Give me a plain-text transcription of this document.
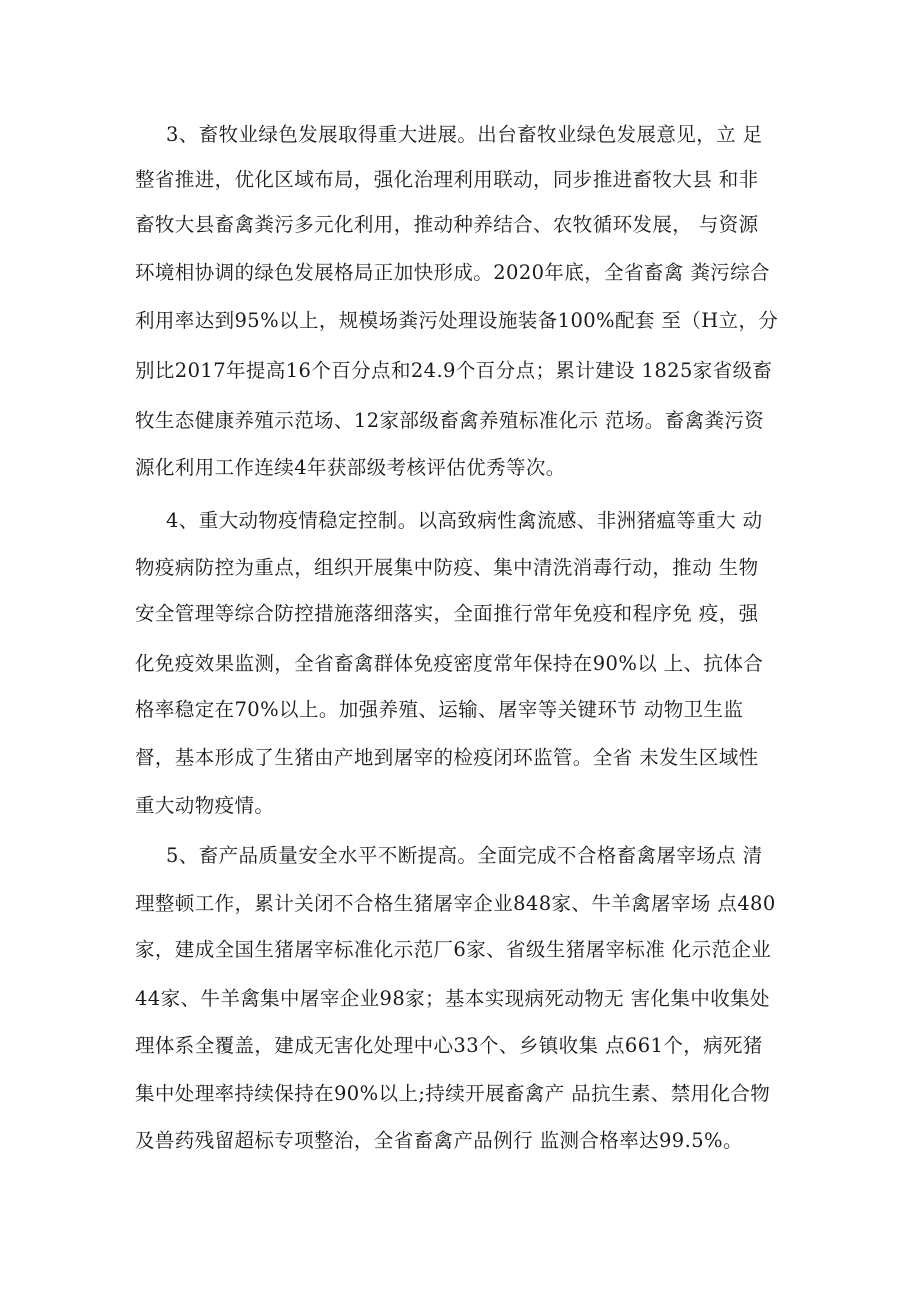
3、畜牧业绿色发展取得重大进展。出台畜牧业绿色发展意见，立 足
整省推进，优化区域布局，强化治理利用联动，同步推进畜牧大县 和非
畜牧大县畜禽粪污多元化利用，推动种养结合、农牧循环发展， 与资源
环境相协调的绿色发展格局正加快形成。2020年底，全省畜禽 粪污综合
利用率达到95%以上，规模场粪污处理设施装备100%配套 至（H立，分
别比2017年提高16个百分点和24.9个百分点；累计建设 1825家省级畜
牧生态健康养殖示范场、12家部级畜禽养殖标准化示 范场。畜禽粪污资
源化利用工作连续4年获部级考核评估优秀等次。
4、重大动物疫情稳定控制。以高致病性禽流感、非洲猪瘟等重大 动
物疫病防控为重点，组织开展集中防疫、集中清洗消毒行动，推动 生物
安全管理等综合防控措施落细落实，全面推行常年免疫和程序免 疫，强
化免疫效果监测，全省畜禽群体免疫密度常年保持在90%以 上、抗体合
格率稳定在70%以上。加强养殖、运输、屠宰等关键环节 动物卫生监
督，基本形成了生猪由产地到屠宰的检疫闭环监管。全省 未发生区域性
重大动物疫情。
5、畜产品质量安全水平不断提高。全面完成不合格畜禽屠宰场点 清
理整顿工作，累计关闭不合格生猪屠宰企业848家、牛羊禽屠宰场 点480
家，建成全国生猪屠宰标准化示范厂6家、省级生猪屠宰标准 化示范企业
44家、牛羊禽集中屠宰企业98家；基本实现病死动物无 害化集中收集处
理体系全覆盖，建成无害化处理中心33个、乡镇收集 点661个，病死猪
集中处理率持续保持在90%以上;持续开展畜禽产 品抗生素、禁用化合物
及兽药残留超标专项整治，全省畜禽产品例行 监测合格率达99.5%。
